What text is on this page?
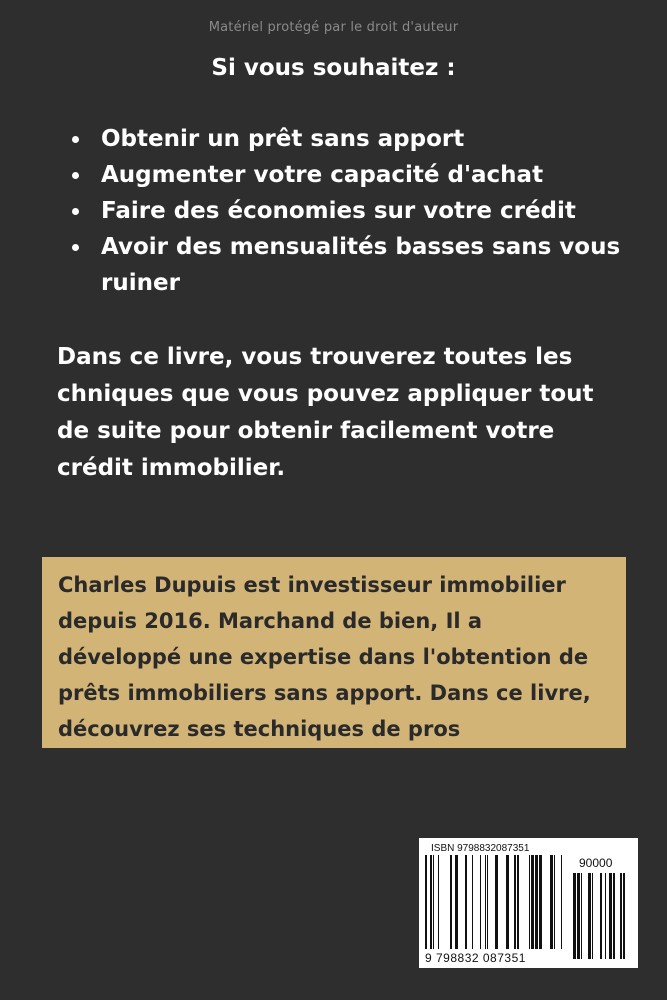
Matériel protégé par le droit d'auteur
Si vous souhaitez :
Obtenir un prêt sans apport
Augmenter votre capacité d'achat
Faire des économies sur votre crédit
Avoir des mensualités basses sans vous ruiner

Dans ce livre, vous trouverez toutes les
chniques que vous pouvez appliquer tout
de suite pour obtenir facilement votre
crédit immobilier.

Charles Dupuis est investisseur immobilier
depuis 2016. Marchand de bien, Il a
développé une expertise dans l'obtention de
prêts immobiliers sans apport. Dans ce livre,
découvrez ses techniques de pros

ISBN 9798832087351
90000
9 798832 087351
